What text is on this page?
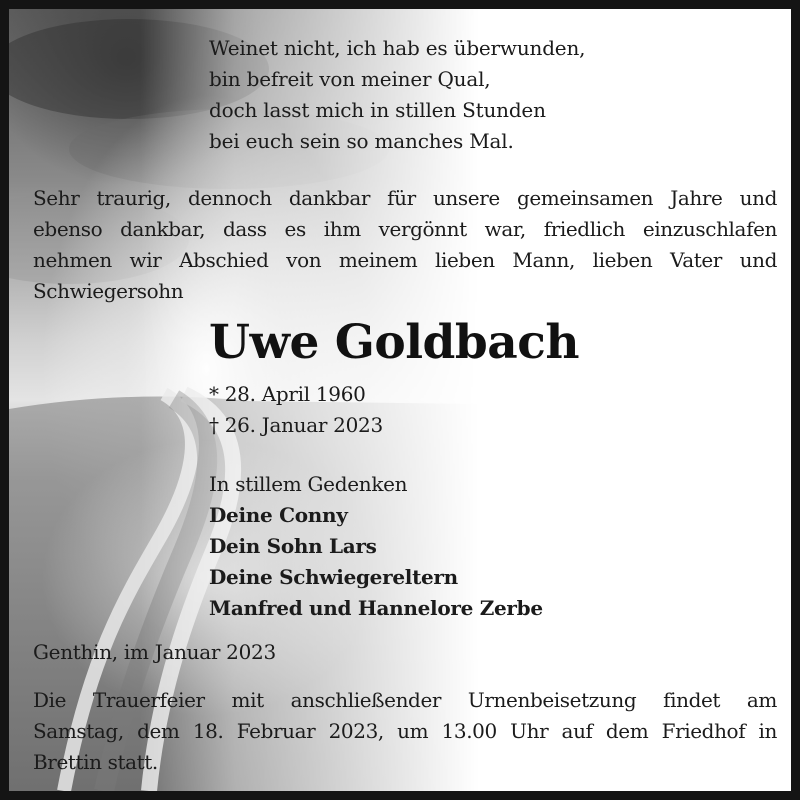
Weinet nicht, ich hab es überwunden,
bin befreit von meiner Qual,
doch lasst mich in stillen Stunden
bei euch sein so manches Mal.
Sehr traurig, dennoch dankbar für unsere gemeinsamen Jahre und
ebenso dankbar, dass es ihm vergönnt war, friedlich einzuschlafen
nehmen wir Abschied von meinem lieben Mann, lieben Vater und
Schwiegersohn
Uwe Goldbach
* 28. April 1960
† 26. Januar 2023
In stillem Gedenken
Deine Conny
Dein Sohn Lars
Deine Schwiegereltern
Manfred und Hannelore Zerbe
Genthin, im Januar 2023
Die Trauerfeier mit anschließender Urnenbeisetzung findet am
Samstag, dem 18. Februar 2023, um 13.00 Uhr auf dem Friedhof in
Brettin statt.
